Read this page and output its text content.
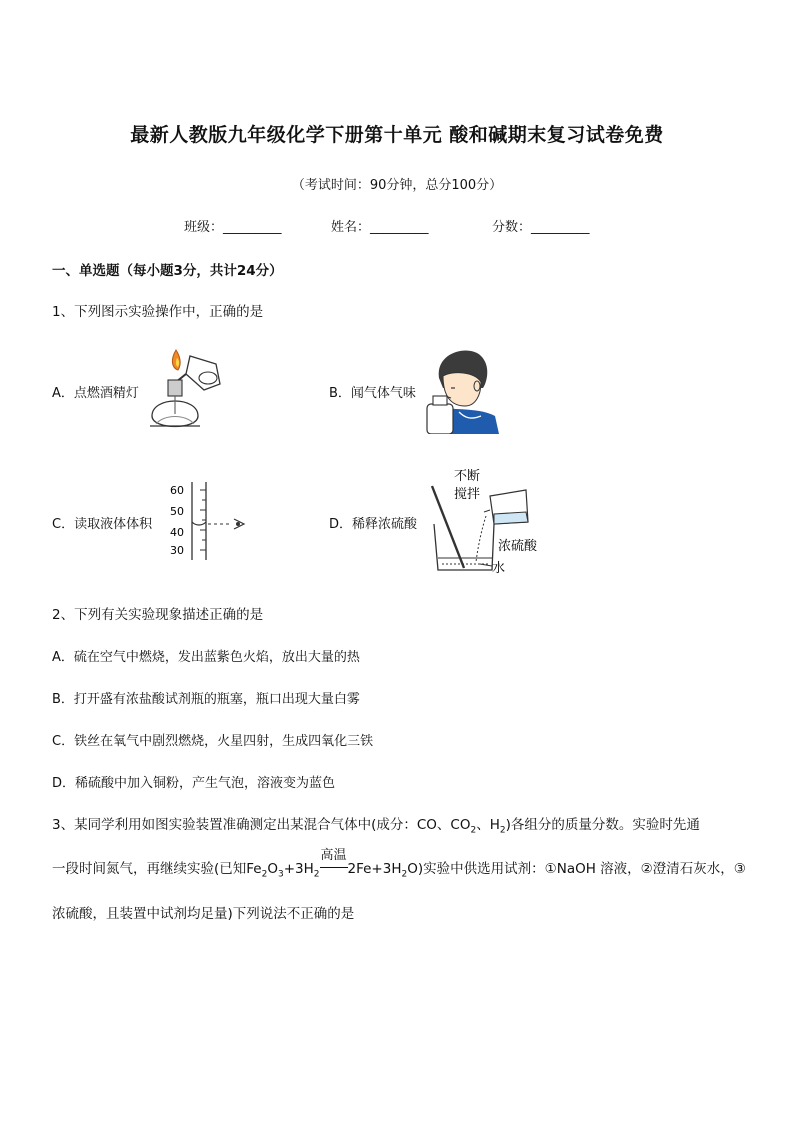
最新人教版九年级化学下册第十单元 酸和碱期末复习试卷免费
（考试时间：90分钟，总分100分）
班级：_________	姓名：_________	分数：_________
一、单选题（每小题3分，共计24分）
1、下列图示实验操作中，正确的是
A．点燃酒精灯	B．闻气体气味
C．读取液体体积
60
50
40
30
D．稀释浓硫酸
不断
搅拌
浓硫酸
水
2、下列有关实验现象描述正确的是
A．硫在空气中燃烧，发出蓝紫色火焰，放出大量的热
B．打开盛有浓盐酸试剂瓶的瓶塞，瓶口出现大量白雾
C．铁丝在氧气中剧烈燃烧，火星四射，生成四氧化三铁
D．稀硫酸中加入铜粉，产生气泡，溶液变为蓝色
3、某同学利用如图实验装置准确测定出某混合气体中(成分：CO、$CO_2$、$H_2$)各组分的质量分数。实验时先通
一段时间氮气，再继续实验(已知$Fe_2O_3+3H_2$
高温
$2Fe+3H_2O$)实验中供选用试剂：①NaOH 溶液，②澄清石灰水，③
浓硫酸，且装置中试剂均足量)下列说法不正确的是
